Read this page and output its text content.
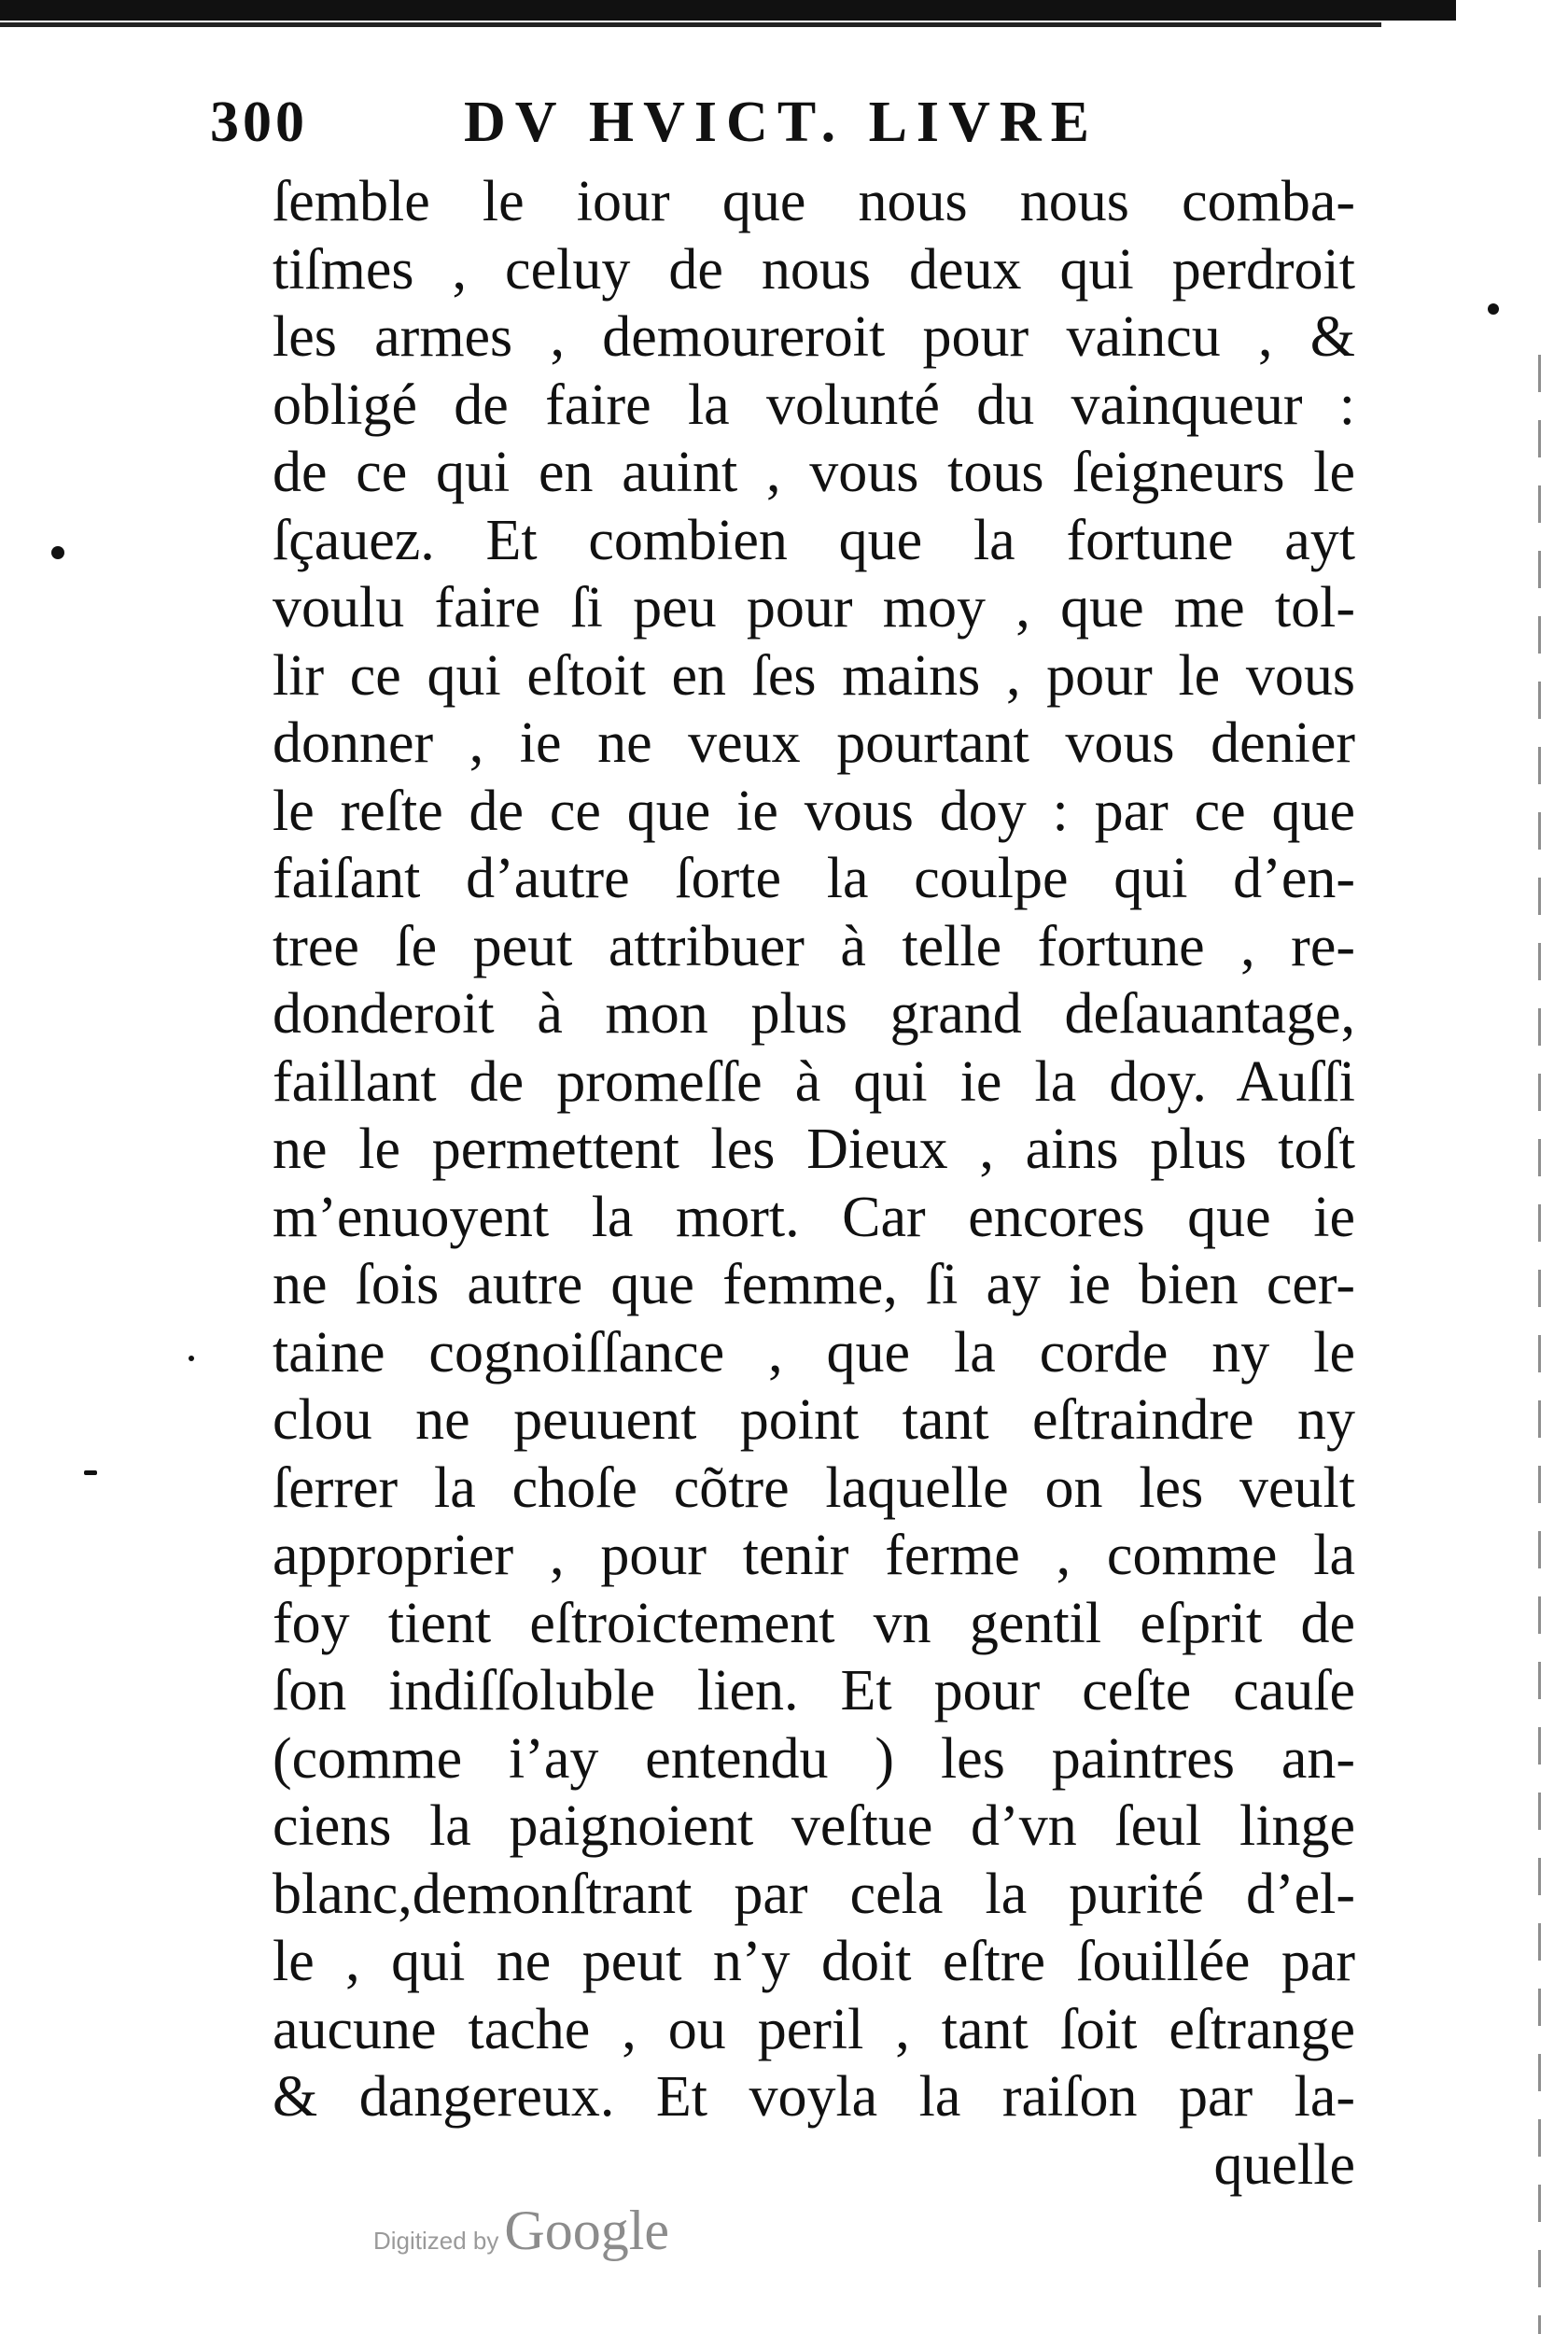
300	DV HVICT. LIVRE
ſemble le iour que nous nous comba-
tiſmes , celuy de nous deux qui perdroit
les armes , demoureroit pour vaincu , &
obligé de faire la volunté du vainqueur :
de ce qui en auint , vous tous ſeigneurs le
ſçauez. Et combien que la fortune ayt
voulu faire ſi peu pour moy , que me tol-
lir ce qui eſtoit en ſes mains , pour le vous
donner , ie ne veux pourtant vous denier
le reſte de ce que ie vous doy : par ce que
faiſant d’autre ſorte la coulpe qui d’en-
tree ſe peut attribuer à telle fortune , re-
donderoit à mon plus grand deſauantage,
faillant de promeſſe à qui ie la doy. Auſſi
ne le permettent les Dieux , ains plus toſt
m’enuoyent la mort. Car encores que ie
ne ſois autre que femme, ſi ay ie bien cer-
taine cognoiſſance , que la corde ny le
clou ne peuuent point tant eſtraindre ny
ſerrer la choſe cõtre laquelle on les veult
approprier , pour tenir ferme , comme la
foy tient eſtroictement vn gentil eſprit de
ſon indiſſoluble lien. Et pour ceſte cauſe
(comme i’ay entendu ) les paintres an-
ciens la paignoient veſtue d’vn ſeul linge
blanc,demonſtrant par cela la purité d’el-
le , qui ne peut n’y doit eſtre ſouillée par
aucune tache , ou peril , tant ſoit eſtrange
& dangereux. Et voyla la raiſon par la-
quelle
Digitized by Google
